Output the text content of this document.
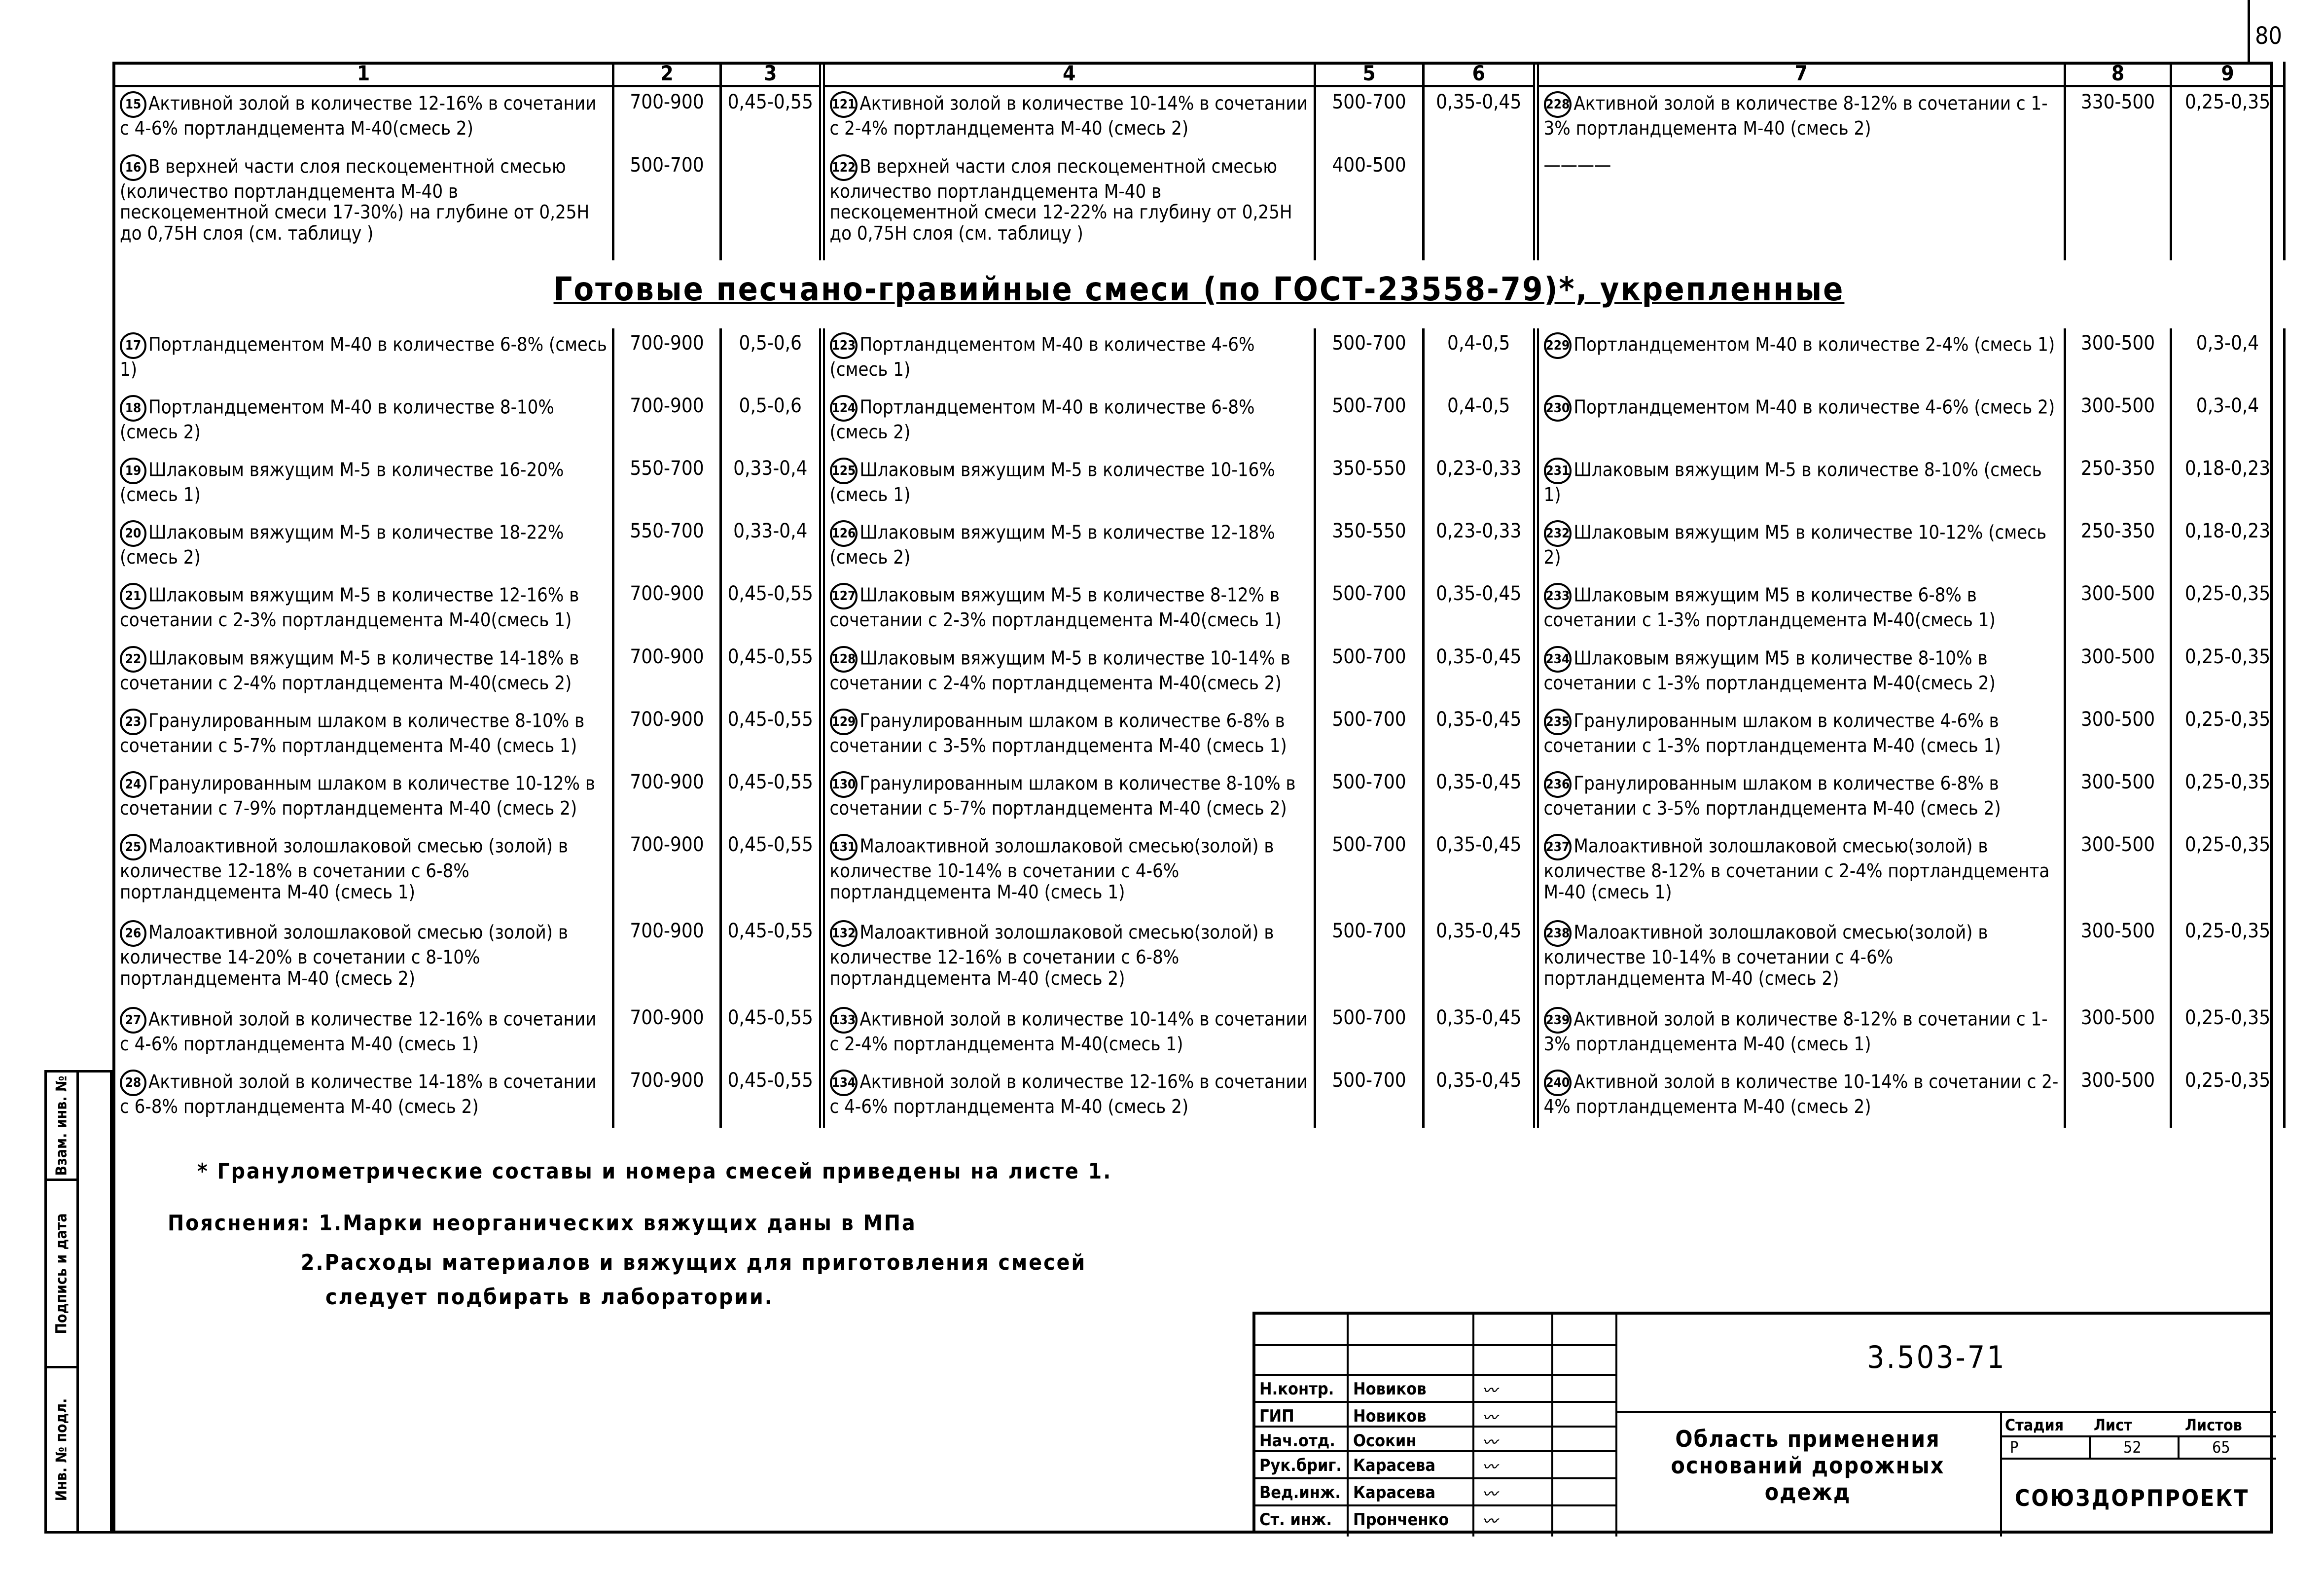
80
1	2	3	4	5	6	7	8	9
15 Активной золой в количестве 12-16% в сочетании с 4-6% портландцемента М-40(смесь 2)	700-900	0,45-0,55	121 Активной золой в количестве 10-14% в сочетании с 2-4% портландцемента М-40 (смесь 2)	500-700	0,35-0,45	228 Активной золой в количестве 8-12% в сочетании с 1-3% портландцемента М-40 (смесь 2)	330-500	0,25-0,35
16 В верхней части слоя пескоцементной смесью (количество портландцемента М-40 в пескоцементной смеси 17-30%) на глубине от 0,25Н до 0,75Н слоя (см. таблицу )	500-700		122 В верхней части слоя пескоцементной смесью количество портландцемента М-40 в пескоцементной смеси 12-22% на глубину от 0,25Н до 0,75Н слоя (см. таблицу )	400-500		————		

Готовые песчано-гравийные смеси (по ГОСТ-23558-79)*, укрепленные								

17 Портландцементом М-40 в количестве 6-8% (смесь 1)	700-900	0,5-0,6	123 Портландцементом М-40 в количестве 4-6% (смесь 1)	500-700	0,4-0,5	229 Портландцементом М-40 в количестве 2-4% (смесь 1)	300-500	0,3-0,4
18 Портландцементом М-40 в количестве 8-10% (смесь 2)	700-900	0,5-0,6	124 Портландцементом М-40 в количестве 6-8% (смесь 2)	500-700	0,4-0,5	230 Портландцементом М-40 в количестве 4-6% (смесь 2)	300-500	0,3-0,4
19 Шлаковым вяжущим М-5 в количестве 16-20% (смесь 1)	550-700	0,33-0,4	125 Шлаковым вяжущим М-5 в количестве 10-16% (смесь 1)	350-550	0,23-0,33	231 Шлаковым вяжущим М-5 в количестве 8-10% (смесь 1)	250-350	0,18-0,23
20 Шлаковым вяжущим М-5 в количестве 18-22% (смесь 2)	550-700	0,33-0,4	126 Шлаковым вяжущим М-5 в количестве 12-18% (смесь 2)	350-550	0,23-0,33	232 Шлаковым вяжущим М5 в количестве 10-12% (смесь 2)	250-350	0,18-0,23
21 Шлаковым вяжущим М-5 в количестве 12-16% в сочетании с 2-3% портландцемента М-40(смесь 1)	700-900	0,45-0,55	127 Шлаковым вяжущим М-5 в количестве 8-12% в сочетании с 2-3% портландцемента М-40(смесь 1)	500-700	0,35-0,45	233 Шлаковым вяжущим М5 в количестве 6-8% в сочетании с 1-3% портландцемента М-40(смесь 1)	300-500	0,25-0,35
22 Шлаковым вяжущим М-5 в количестве 14-18% в сочетании с 2-4% портландцемента М-40(смесь 2)	700-900	0,45-0,55	128 Шлаковым вяжущим М-5 в количестве 10-14% в сочетании с 2-4% портландцемента М-40(смесь 2)	500-700	0,35-0,45	234 Шлаковым вяжущим М5 в количестве 8-10% в сочетании с 1-3% портландцемента М-40(смесь 2)	300-500	0,25-0,35
23 Гранулированным шлаком в количестве 8-10% в сочетании с 5-7% портландцемента М-40 (смесь 1)	700-900	0,45-0,55	129 Гранулированным шлаком в количестве 6-8% в сочетании с 3-5% портландцемента М-40 (смесь 1)	500-700	0,35-0,45	235 Гранулированным шлаком в количестве 4-6% в сочетании с 1-3% портландцемента М-40 (смесь 1)	300-500	0,25-0,35
24 Гранулированным шлаком в количестве 10-12% в сочетании с 7-9% портландцемента М-40 (смесь 2)	700-900	0,45-0,55	130 Гранулированным шлаком в количестве 8-10% в сочетании с 5-7% портландцемента М-40 (смесь 2)	500-700	0,35-0,45	236 Гранулированным шлаком в количестве 6-8% в сочетании с 3-5% портландцемента М-40 (смесь 2)	300-500	0,25-0,35
25 Малоактивной золошлаковой смесью (золой) в количестве 12-18% в сочетании с 6-8% портландцемента М-40 (смесь 1)	700-900	0,45-0,55	131 Малоактивной золошлаковой смесью(золой) в количестве 10-14% в сочетании с 4-6% портландцемента М-40 (смесь 1)	500-700	0,35-0,45	237 Малоактивной золошлаковой смесью(золой) в количестве 8-12% в сочетании с 2-4% портландцемента М-40 (смесь 1)	300-500	0,25-0,35
26 Малоактивной золошлаковой смесью (золой) в количестве 14-20% в сочетании с 8-10% портландцемента М-40 (смесь 2)	700-900	0,45-0,55	132 Малоактивной золошлаковой смесью(золой) в количестве 12-16% в сочетании с 6-8% портландцемента М-40 (смесь 2)	500-700	0,35-0,45	238 Малоактивной золошлаковой смесью(золой) в количестве 10-14% в сочетании с 4-6% портландцемента М-40 (смесь 2)	300-500	0,25-0,35
27 Активной золой в количестве 12-16% в сочетании с 4-6% портландцемента М-40 (смесь 1)	700-900	0,45-0,55	133 Активной золой в количестве 10-14% в сочетании с 2-4% портландцемента М-40(смесь 1)	500-700	0,35-0,45	239 Активной золой в количестве 8-12% в сочетании с 1-3% портландцемента М-40 (смесь 1)	300-500	0,25-0,35
28 Активной золой в количестве 14-18% в сочетании с 6-8% портландцемента М-40 (смесь 2)	700-900	0,45-0,55	134 Активной золой в количестве 12-16% в сочетании с 4-6% портландцемента М-40 (смесь 2)	500-700	0,35-0,45	240 Активной золой в количестве 10-14% в сочетании с 2-4% портландцемента М-40 (смесь 2)	300-500	0,25-0,35
Взам. инв. №
Подпись и дата
Инв. № подл.
* Гранулометрические составы и номера смесей приведены на листе 1.
Пояснения: 1.Марки неорганических вяжущих даны в МПа
2.Расходы материалов и вяжущих для приготовления смесей
следует подбирать в лаборатории.
Н.контр. Новиков	〰
ГИП	Новиков	〰
Нач.отд. Осокин	〰
Рук.бриг. Карасева	〰
Вед.инж. Карасева	〰
Ст. инж. Пронченко 〰
3.503-71
Область применения
оснований дорожных
одежд
Стадия Лист	Листов
Р	52	65
СОЮЗДОРПРОЕКТ
